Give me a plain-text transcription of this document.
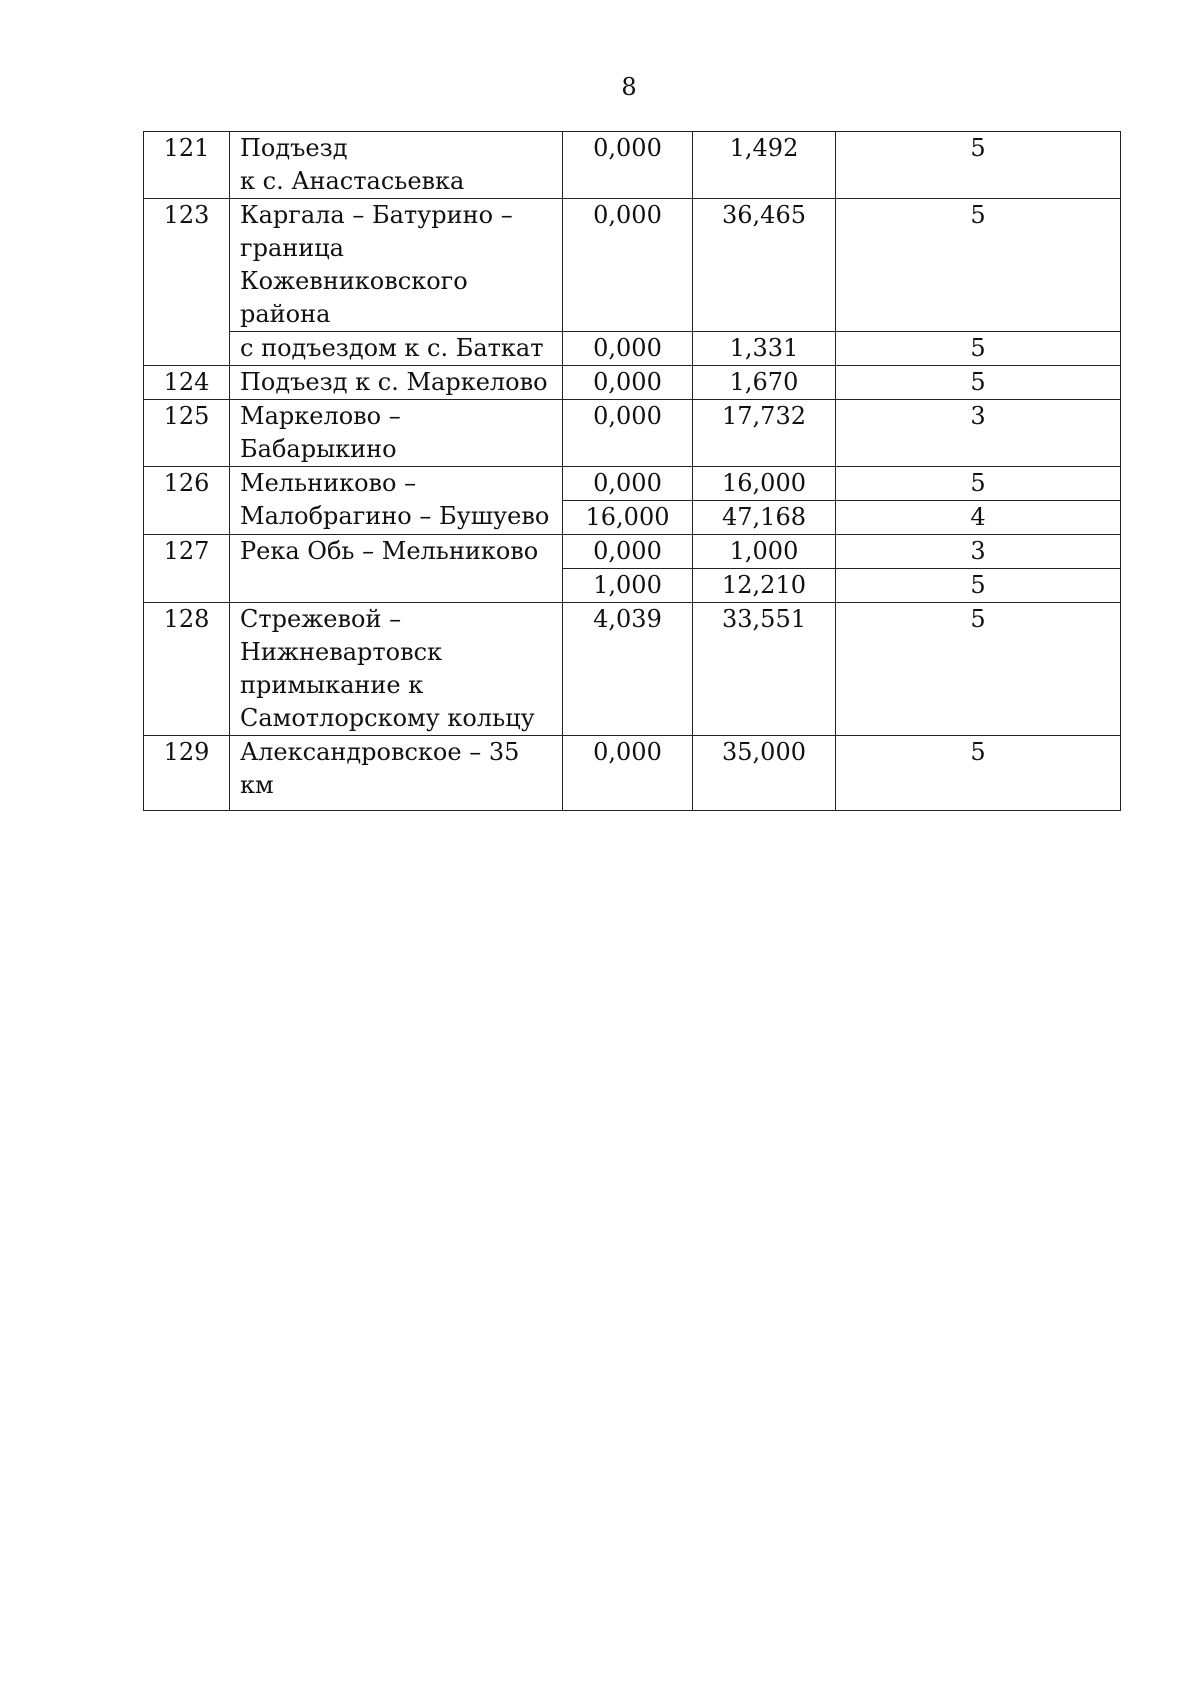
8
121	Подъезд
к с. Анастасьевка	0,000	1,492	5
123	Каргала – Батурино –
граница
Кожевниковского района	0,000	36,465	5

	с подъездом к с. Баткат	0,000	1,331	5
124	Подъезд к с. Маркелово	0,000	1,670	5
125	Маркелово – Бабарыкино	0,000	17,732	3
126	Мельниково –
Малобрагино – Бушуево	0,000	16,000	5
		16,000	47,168	4
127	Река Обь – Мельниково	0,000	1,000	3
		1,000	12,210	5
128	Стрежевой –
Нижневартовск
примыкание к
Самотлорскому кольцу	4,039	33,551	5
129	Александровское – 35 км	0,000	35,000	5
